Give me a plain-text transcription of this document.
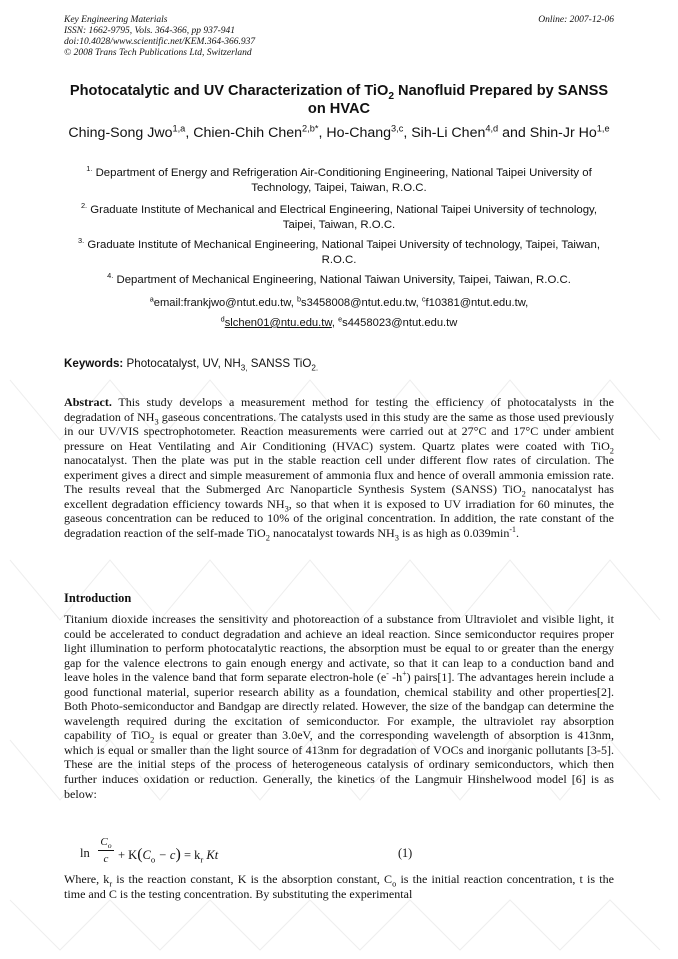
Key Engineering Materials
ISSN: 1662-9795, Vols. 364-366, pp 937-941
doi:10.4028/www.scientific.net/KEM.364-366.937
© 2008 Trans Tech Publications Ltd, Switzerland
Online: 2007-12-06
Photocatalytic and UV Characterization of TiO$_2$ Nanofluid Prepared by SANSS on HVAC
Ching-Song Jwo$^{1,a}$, Chien-Chih Chen$^{2,b*}$, Ho-Chang$^{3,c}$, Sih-Li Chen$^{4,d}$ and Shin-Jr Ho$^{1,e}$
$^{1.}$ Department of Energy and Refrigeration Air-Conditioning Engineering, National Taipei University of Technology, Taipei, Taiwan, R.O.C.
$^{2.}$ Graduate Institute of Mechanical and Electrical Engineering, National Taipei University of technology, Taipei, Taiwan, R.O.C.
$^{3.}$ Graduate Institute of Mechanical Engineering, National Taipei University of technology, Taipei, Taiwan, R.O.C.
$^{4.}$ Department of Mechanical Engineering, National Taiwan University, Taipei, Taiwan, R.O.C.
$^a$email:frankjwo@ntut.edu.tw, $^b$s3458008@ntut.edu.tw, $^c$f10381@ntut.edu.tw,
$^d$slchen01@ntu.edu.tw, $^e$s4458023@ntut.edu.tw
Keywords: Photocatalyst, UV, $NH_{3,}$ SANSS TiO$_{2.}$

Abstract. This study develops a measurement method for testing the efficiency of photocatalysts in the degradation of $NH_3$ gaseous concentrations. The catalysts used in this study are the same as those used previously in our UV/VIS spectrophotometer. Reaction measurements were carried out at 27°C and 17°C under ambient pressure on Heat Ventilating and Air Conditioning (HVAC) system. Quartz plates were coated with TiO$_2$ nanocatalyst. Then the plate was put in the stable reaction cell under different flow rates of circulation. The experiment gives a direct and simple measurement of ammonia flux and hence of overall ammonia emission rate. The results reveal that the Submerged Arc Nanoparticle Synthesis System (SANSS) TiO$_2$ nanocatalyst has excellent degradation efficiency towards $NH_3$, so that when it is exposed to UV irradiation for 60 minutes, the gaseous concentration can be reduced to 10% of the original concentration. In addition, the rate constant of the degradation reaction of the self-made TiO$_2$ nanocatalyst towards $NH_3$ is as high as $0.039\min^{-1}$.

Introduction

Titanium dioxide increases the sensitivity and photoreaction of a substance from Ultraviolet and visible light, it could be accelerated to conduct degradation and achieve an ideal reaction. Since semiconductor requires proper light illumination to perform photocatalytic reactions, the absorption must be equal to or greater than the energy gap for the valence electrons to gain enough energy and activate, so that it can leap to a conduction band and leave holes in the valence band that form separate electron-hole (e- -h+) pairs[1]. The advantages herein include a good functional material, superior research ability as a foundation, chemical stability and other properties[2]. Both Photo-semiconductor and Bandgap are directly related. However, the size of the bandgap can determine the wavelength required during the excitation of semiconductor. For example, the ultraviolet ray absorption capability of TiO$_2$ is equal or greater than 3.0eV, and the corresponding wavelength of absorption is 413nm, which is equal or smaller than the light source of 413nm for degradation of VOCs and inorganic pollutants [3-5]. These are the initial steps of the process of heterogeneous catalysis of ordinary semiconductors, which then further induces oxidation or reduction. Generally, the kinetics of the Langmuir Hinshelwood model [6] is as below:

ln
$C_o$
$c + K(C_o - c) = k_r$ Kt	(1)

Where, $k_r$ is the reaction constant, K is the absorption constant, $C_o$ is the initial reaction concentration, t is the time and C is the testing concentration. By substituting the experimental
